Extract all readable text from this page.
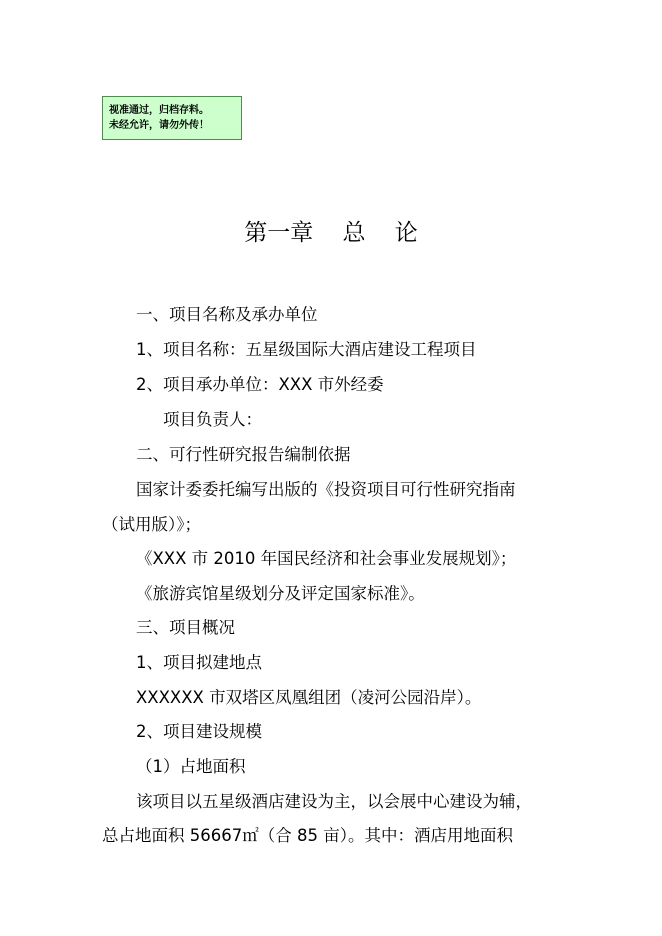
视准通过，归档存料。
未经允许，请勿外传！
第一章    总    论
一、项目名称及承办单位
1、项目名称：五星级国际大酒店建设工程项目
2、项目承办单位：XXX 市外经委
项目负责人：
二、可行性研究报告编制依据
国家计委委托编写出版的《投资项目可行性研究指南
（试用版）》；
《XXX 市 2010 年国民经济和社会事业发展规划》；
《旅游宾馆星级划分及评定国家标准》。
三、项目概况
1、项目拟建地点
XXXXXX 市双塔区凤凰组团（凌河公园沿岸）。
2、项目建设规模
（1）占地面积
该项目以五星级酒店建设为主，以会展中心建设为辅，
总占地面积 56667㎡（合 85 亩）。其中：酒店用地面积
